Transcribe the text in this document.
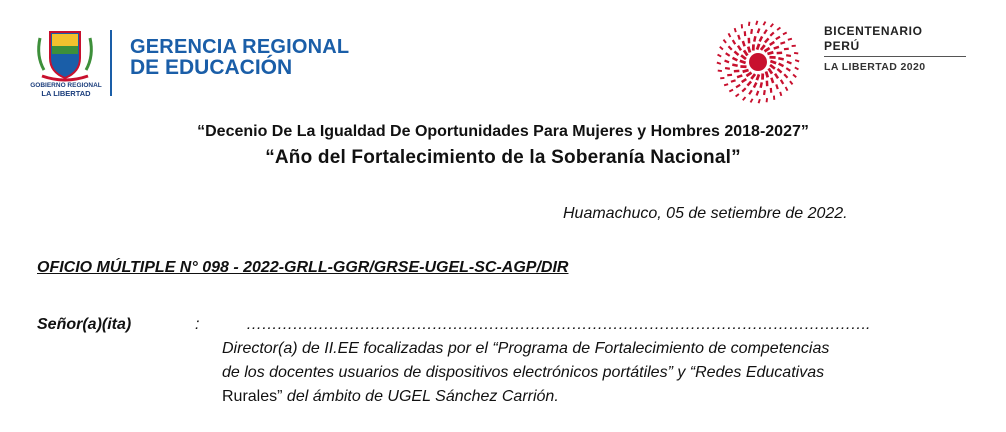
GOBIERNO REGIONAL
LA LIBERTAD
GERENCIA REGIONAL
DE EDUCACIÓN
BICENTENARIO
PERÚ
LA LIBERTAD 2020
“Decenio De La Igualdad De Oportunidades Para Mujeres y Hombres 2018-2027”
“Año del Fortalecimiento de la Soberanía Nacional”
Huamachuco, 05 de setiembre de 2022.
OFICIO MÚLTIPLE N° 098 - 2022-GRLL-GGR/GRSE-UGEL-SC-AGP/DIR
Señor(a)(ita)	:	………………………………………………………………………………………………………….
Director(a) de II.EE focalizadas por el “Programa de Fortalecimiento de competencias
de los docentes usuarios de dispositivos electrónicos portátiles” y “Redes Educativas
Rurales” del ámbito de UGEL Sánchez Carrión.
